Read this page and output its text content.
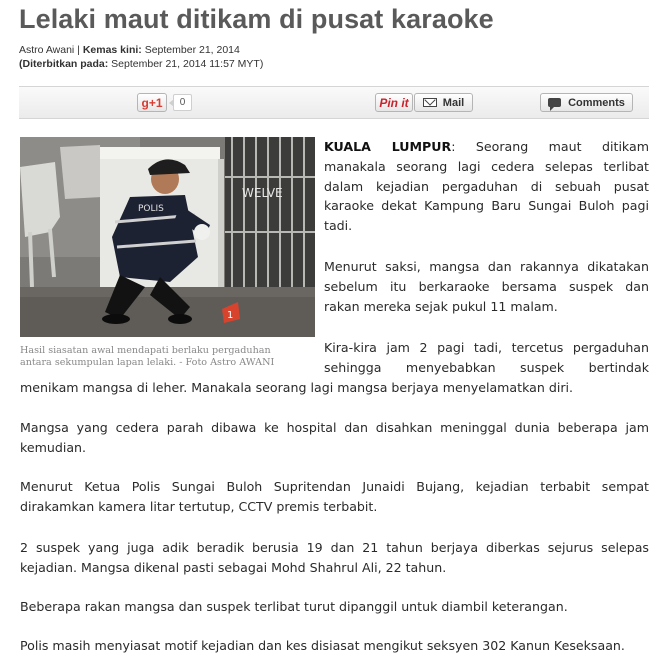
Lelaki maut ditikam di pusat karaoke
Astro Awani | Kemas kini: September 21, 2014
(Diterbitkan pada: September 21, 2014 11:57 MYT)
g+1	0	Pin it	Mail	Comments
WELVE
1
POLIS
Hasil siasatan awal mendapati berlaku pergaduhan
antara sekumpulan lapan lelaki. - Foto Astro AWANI
KUALA LUMPUR: Seorang maut ditikam
manakala seorang lagi cedera selepas terlibat
dalam kejadian pergaduhan di sebuah pusat
karaoke dekat Kampung Baru Sungai Buloh pagi
tadi.
Menurut saksi, mangsa dan rakannya dikatakan
sebelum itu berkaraoke bersama suspek dan
rakan mereka sejak pukul 11 malam.
Kira-kira jam 2 pagi tadi, tercetus pergaduhan
sehingga menyebabkan suspek bertindak
menikam mangsa di leher. Manakala seorang lagi mangsa berjaya menyelamatkan diri.
Mangsa yang cedera parah dibawa ke hospital dan disahkan meninggal dunia beberapa jam
kemudian.
Menurut Ketua Polis Sungai Buloh Supritendan Junaidi Bujang, kejadian terbabit sempat
dirakamkan kamera litar tertutup, CCTV premis terbabit.
2 suspek yang juga adik beradik berusia 19 dan 21 tahun berjaya diberkas sejurus selepas
kejadian. Mangsa dikenal pasti sebagai Mohd Shahrul Ali, 22 tahun.
Beberapa rakan mangsa dan suspek terlibat turut dipanggil untuk diambil keterangan.
Polis masih menyiasat motif kejadian dan kes disiasat mengikut seksyen 302 Kanun Keseksaan.
